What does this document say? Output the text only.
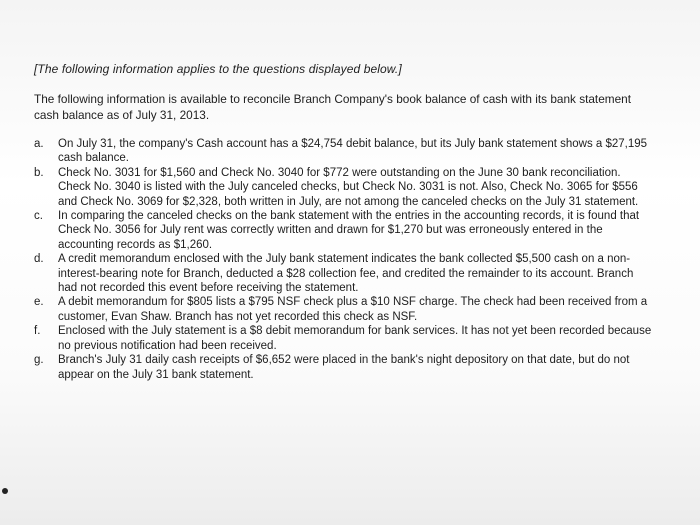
[The following information applies to the questions displayed below.]

The following information is available to reconcile Branch Company's book balance of cash with its bank statement cash balance as of July 31, 2013.

a.	On July 31, the company's Cash account has a $24,754 debit balance, but its July bank statement shows a $27,195 cash balance.
b.	Check No. 3031 for $1,560 and Check No. 3040 for $772 were outstanding on the June 30 bank reconciliation. Check No. 3040 is listed with the July canceled checks, but Check No. 3031 is not. Also, Check No. 3065 for $556 and Check No. 3069 for $2,328, both written in July, are not among the canceled checks on the July 31 statement.
c.	In comparing the canceled checks on the bank statement with the entries in the accounting records, it is found that Check No. 3056 for July rent was correctly written and drawn for $1,270 but was erroneously entered in the accounting records as $1,260.
d.	A credit memorandum enclosed with the July bank statement indicates the bank collected $5,500 cash on a non-interest-bearing note for Branch, deducted a $28 collection fee, and credited the remainder to its account. Branch had not recorded this event before receiving the statement.
e.	A debit memorandum for $805 lists a $795 NSF check plus a $10 NSF charge. The check had been received from a customer, Evan Shaw. Branch has not yet recorded this check as NSF.
f.	Enclosed with the July statement is a $8 debit memorandum for bank services. It has not yet been recorded because no previous notification had been received.
g.	Branch's July 31 daily cash receipts of $6,652 were placed in the bank's night depository on that date, but do not appear on the July 31 bank statement.
